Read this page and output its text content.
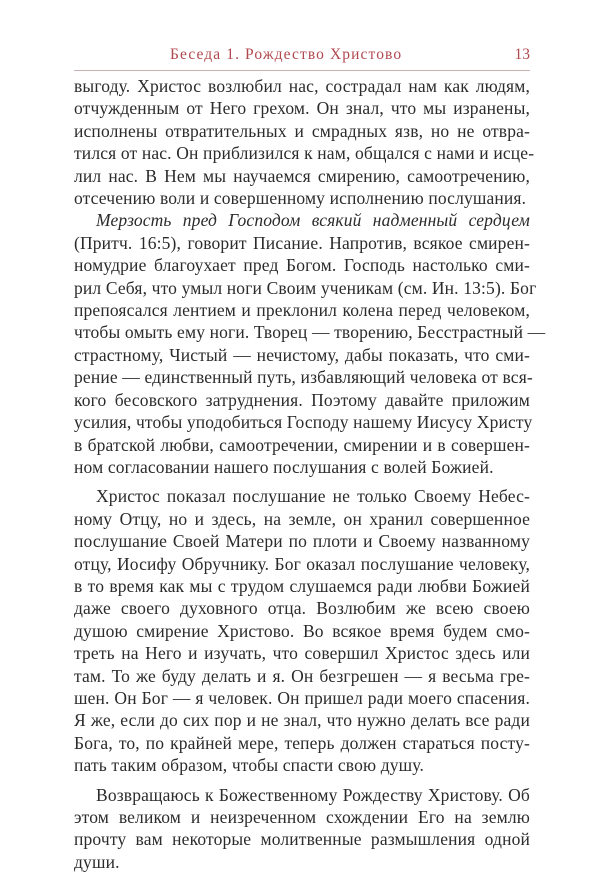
Беседа 1. Рождество Христово	13
выгоду. Христос возлюбил нас, сострадал нам как людям,
отчужденным от Него грехом. Он знал, что мы изранены,
исполнены отвратительных и смрадных язв, но не отвра-
тился от нас. Он приблизился к нам, общался с нами и исце-
лил нас. В Нем мы научаемся смирению, самоотречению,
отсечению воли и совершенному исполнению послушания.
Мерзость пред Господом всякий надменный сердцем
(Притч. 16:5), говорит Писание. Напротив, всякое смирен-
номудрие благоухает пред Богом. Господь настолько сми-
рил Себя, что умыл ноги Своим ученикам (см. Ин. 13:5). Бог
препоясался лентием и преклонил колена перед человеком,
чтобы омыть ему ноги. Творец — творению, Бесстрастный —
страстному, Чистый — нечистому, дабы показать, что сми-
рение — единственный путь, избавляющий человека от вся-
кого бесовского затруднения. Поэтому давайте приложим
усилия, чтобы уподобиться Господу нашему Иисусу Христу
в братской любви, самоотречении, смирении и в совершен-
ном согласовании нашего послушания с волей Божией.
Христос показал послушание не только Своему Небес-
ному Отцу, но и здесь, на земле, он хранил совершенное
послушание Своей Матери по плоти и Своему названному
отцу, Иосифу Обручнику. Бог оказал послушание человеку,
в то время как мы с трудом слушаемся ради любви Божией
даже своего духовного отца. Возлюбим же всею своею
душою смирение Христово. Во всякое время будем смо-
треть на Него и изучать, что совершил Христос здесь или
там. То же буду делать и я. Он безгрешен — я весьма гре-
шен. Он Бог — я человек. Он пришел ради моего спасения.
Я же, если до сих пор и не знал, что нужно делать все ради
Бога, то, по крайней мере, теперь должен стараться посту-
пать таким образом, чтобы спасти свою душу.
Возвращаюсь к Божественному Рождеству Христову. Об
этом великом и неизреченном схождении Его на землю
прочту вам некоторые молитвенные размышления одной
души.
